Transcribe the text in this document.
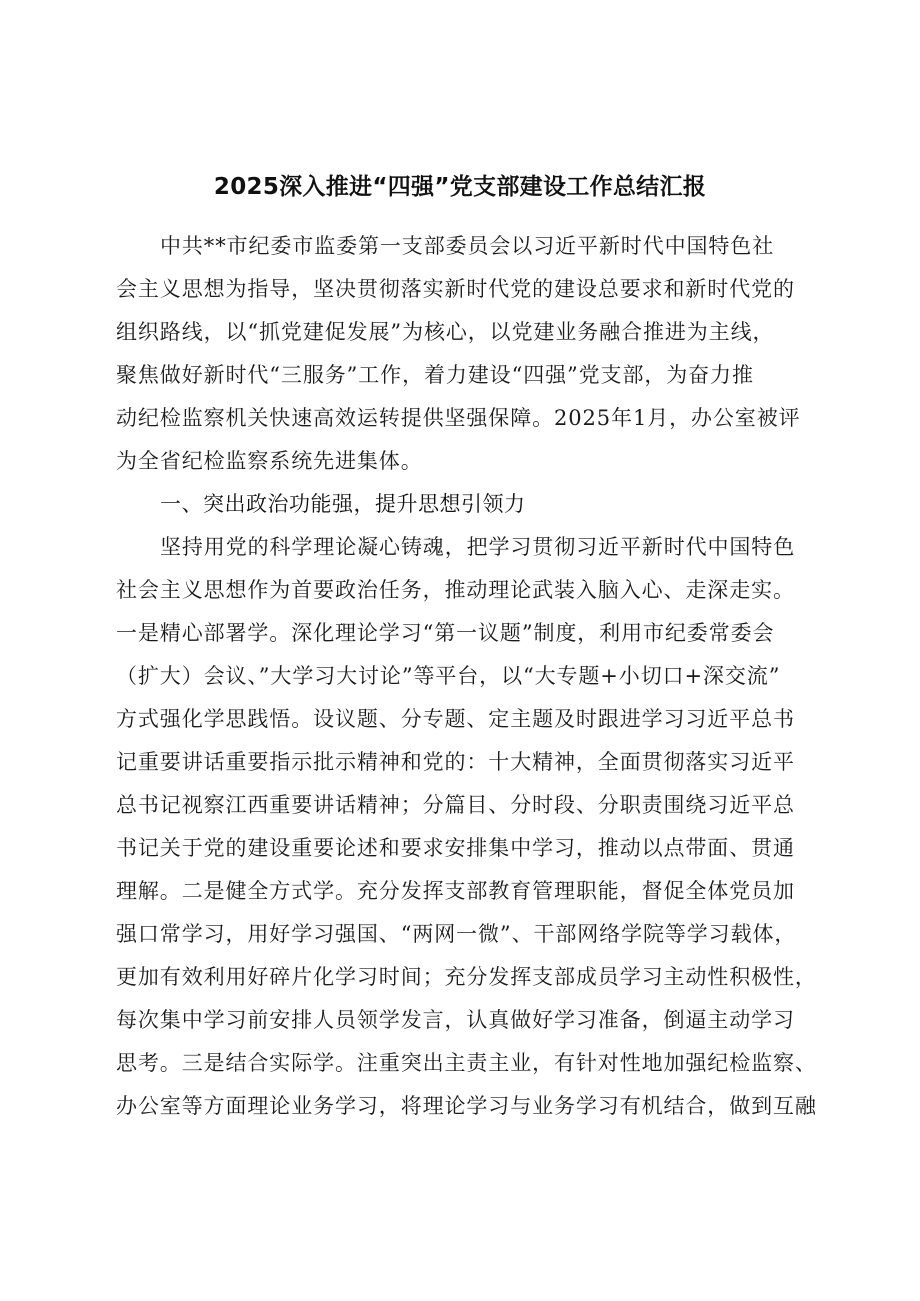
2025深入推进“四强”党支部建设工作总结汇报
中共**市纪委市监委第一支部委员会以习近平新时代中国特色社
会主义思想为指导，坚决贯彻落实新时代党的建设总要求和新时代党的
组织路线，以“抓党建促发展”为核心，以党建业务融合推进为主线，
聚焦做好新时代“三服务”工作，着力建设“四强”党支部，为奋力推
动纪检监察机关快速高效运转提供坚强保障。2025年1月，办公室被评
为全省纪检监察系统先进集体。
一、突出政治功能强，提升思想引领力
坚持用党的科学理论凝心铸魂，把学习贯彻习近平新时代中国特色
社会主义思想作为首要政治任务，推动理论武装入脑入心、走深走实。
一是精心部署学。深化理论学习“第一议题”制度，利用市纪委常委会
（扩大）会议、”大学习大讨论”等平台，以“大专题+小切口+深交流”
方式强化学思践悟。设议题、分专题、定主题及时跟进学习习近平总书
记重要讲话重要指示批示精神和党的：十大精神，全面贯彻落实习近平
总书记视察江西重要讲话精神；分篇目、分时段、分职责围绕习近平总
书记关于党的建设重要论述和要求安排集中学习，推动以点带面、贯通
理解。二是健全方式学。充分发挥支部教育管理职能，督促全体党员加
强口常学习，用好学习强国、“两网一微”、干部网络学院等学习载体，
更加有效利用好碎片化学习时间；充分发挥支部成员学习主动性积极性，
每次集中学习前安排人员领学发言，认真做好学习准备，倒逼主动学习
思考。三是结合实际学。注重突出主责主业，有针对性地加强纪检监察、
办公室等方面理论业务学习，将理论学习与业务学习有机结合，做到互融
